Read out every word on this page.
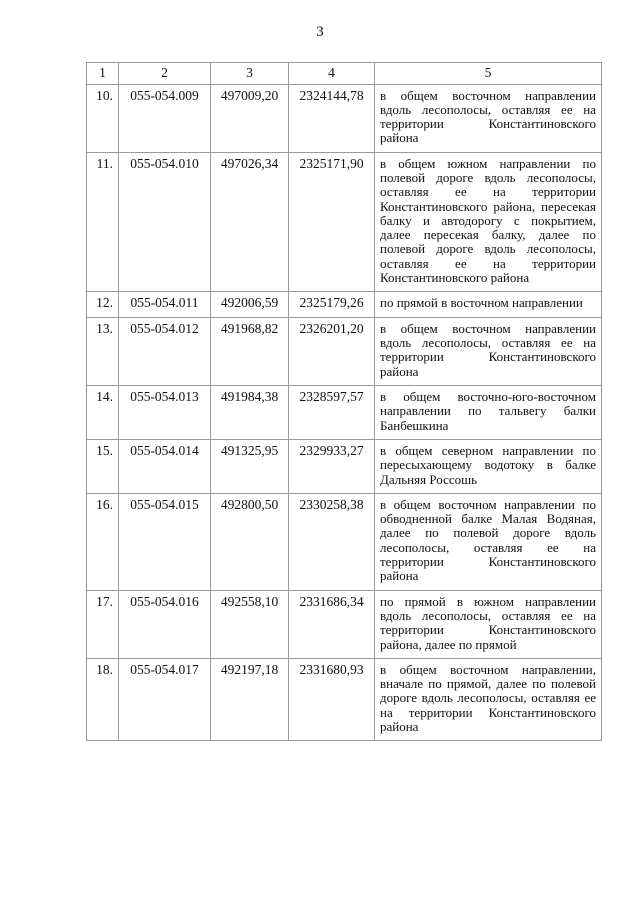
3
1	2	3	4	5
10.	055-054.009	497009,20	2324144,78	в общем восточном направлении вдоль лесополосы, оставляя ее на территории Константиновского района
11.	055-054.010	497026,34	2325171,90	в общем южном направлении по полевой дороге вдоль лесополосы, оставляя ее на территории Константиновского района, пересекая балку и автодорогу с покрытием, далее пересекая балку, далее по полевой дороге вдоль лесополосы, оставляя ее на территории Константиновского района
12.	055-054.011	492006,59	2325179,26	по прямой в восточном направлении
13.	055-054.012	491968,82	2326201,20	в общем восточном направлении вдоль лесополосы, оставляя ее на территории Константиновского района
14.	055-054.013	491984,38	2328597,57	в общем восточно-юго-восточном направлении по тальвегу балки Банбешкина
15.	055-054.014	491325,95	2329933,27	в общем северном направлении по пересыхающему водотоку в балке Дальняя Россошь
16.	055-054.015	492800,50	2330258,38	в общем восточном направлении по обводненной балке Малая Водяная, далее по полевой дороге вдоль лесополосы, оставляя ее на территории Константиновского района
17.	055-054.016	492558,10	2331686,34	по прямой в южном направлении вдоль лесополосы, оставляя ее на территории Константиновского района, далее по прямой
18.	055-054.017	492197,18	2331680,93	в общем восточном направлении, вначале по прямой, далее по полевой дороге вдоль лесополосы, оставляя ее на территории Константиновского района
